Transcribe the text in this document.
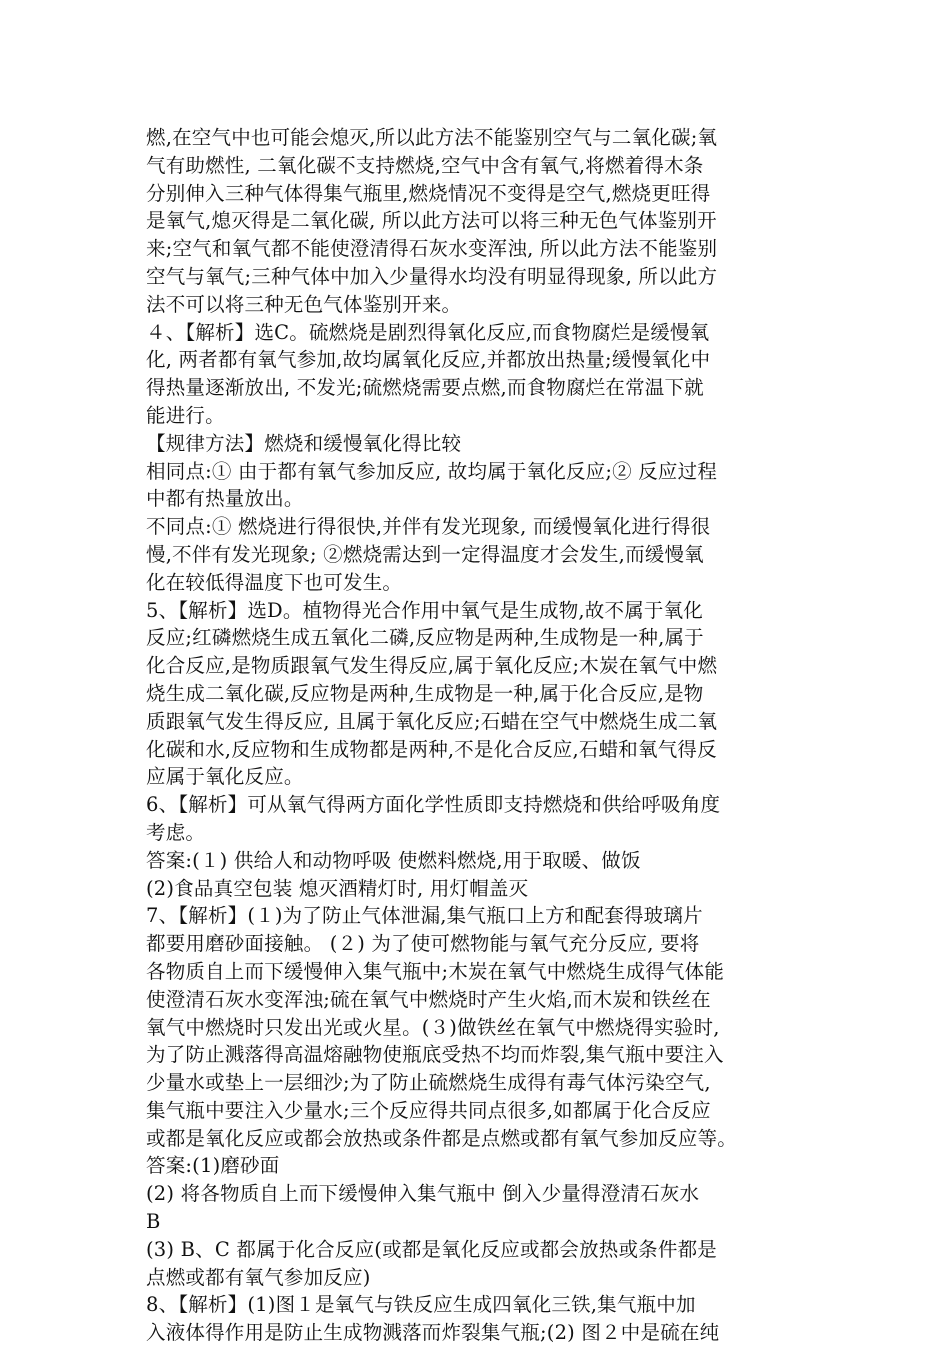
燃,在空气中也可能会熄灭,所以此方法不能鉴别空气与二氧化碳;氧
气有助燃性, 二氧化碳不支持燃烧,空气中含有氧气,将燃着得木条
分别伸入三种气体得集气瓶里,燃烧情况不变得是空气,燃烧更旺得
是氧气,熄灭得是二氧化碳, 所以此方法可以将三种无色气体鉴别开
来;空气和氧气都不能使澄清得石灰水变浑浊, 所以此方法不能鉴别
空气与氧气;三种气体中加入少量得水均没有明显得现象, 所以此方
法不可以将三种无色气体鉴别开来。
４、【解析】选C。硫燃烧是剧烈得氧化反应,而食物腐烂是缓慢氧
化, 两者都有氧气参加,故均属氧化反应,并都放出热量;缓慢氧化中
得热量逐渐放出, 不发光;硫燃烧需要点燃,而食物腐烂在常温下就
能进行。
【规律方法】燃烧和缓慢氧化得比较
相同点:① 由于都有氧气参加反应, 故均属于氧化反应;② 反应过程
中都有热量放出。
不同点:① 燃烧进行得很快,并伴有发光现象, 而缓慢氧化进行得很
慢,不伴有发光现象; ②燃烧需达到一定得温度才会发生,而缓慢氧
化在较低得温度下也可发生。
5、【解析】选D。植物得光合作用中氧气是生成物,故不属于氧化
反应;红磷燃烧生成五氧化二磷,反应物是两种,生成物是一种,属于
化合反应,是物质跟氧气发生得反应,属于氧化反应;木炭在氧气中燃
烧生成二氧化碳,反应物是两种,生成物是一种,属于化合反应,是物
质跟氧气发生得反应, 且属于氧化反应;石蜡在空气中燃烧生成二氧
化碳和水,反应物和生成物都是两种,不是化合反应,石蜡和氧气得反
应属于氧化反应。
6、【解析】可从氧气得两方面化学性质即支持燃烧和供给呼吸角度
考虑。
答案:(１) 供给人和动物呼吸 使燃料燃烧,用于取暖、做饭
(2)食品真空包装 熄灭酒精灯时, 用灯帽盖灭
7、【解析】(１)为了防止气体泄漏,集气瓶口上方和配套得玻璃片
都要用磨砂面接触。 (２) 为了使可燃物能与氧气充分反应, 要将
各物质自上而下缓慢伸入集气瓶中;木炭在氧气中燃烧生成得气体能
使澄清石灰水变浑浊;硫在氧气中燃烧时产生火焰,而木炭和铁丝在
氧气中燃烧时只发出光或火星。(３)做铁丝在氧气中燃烧得实验时,
为了防止溅落得高温熔融物使瓶底受热不均而炸裂,集气瓶中要注入
少量水或垫上一层细沙;为了防止硫燃烧生成得有毒气体污染空气,
集气瓶中要注入少量水;三个反应得共同点很多,如都属于化合反应
或都是氧化反应或都会放热或条件都是点燃或都有氧气参加反应等。
答案:(1)磨砂面
(2) 将各物质自上而下缓慢伸入集气瓶中 倒入少量得澄清石灰水
B
(3) B、C 都属于化合反应(或都是氧化反应或都会放热或条件都是
点燃或都有氧气参加反应)
8、【解析】(1)图１是氧气与铁反应生成四氧化三铁,集气瓶中加
入液体得作用是防止生成物溅落而炸裂集气瓶;(2) 图２中是硫在纯
